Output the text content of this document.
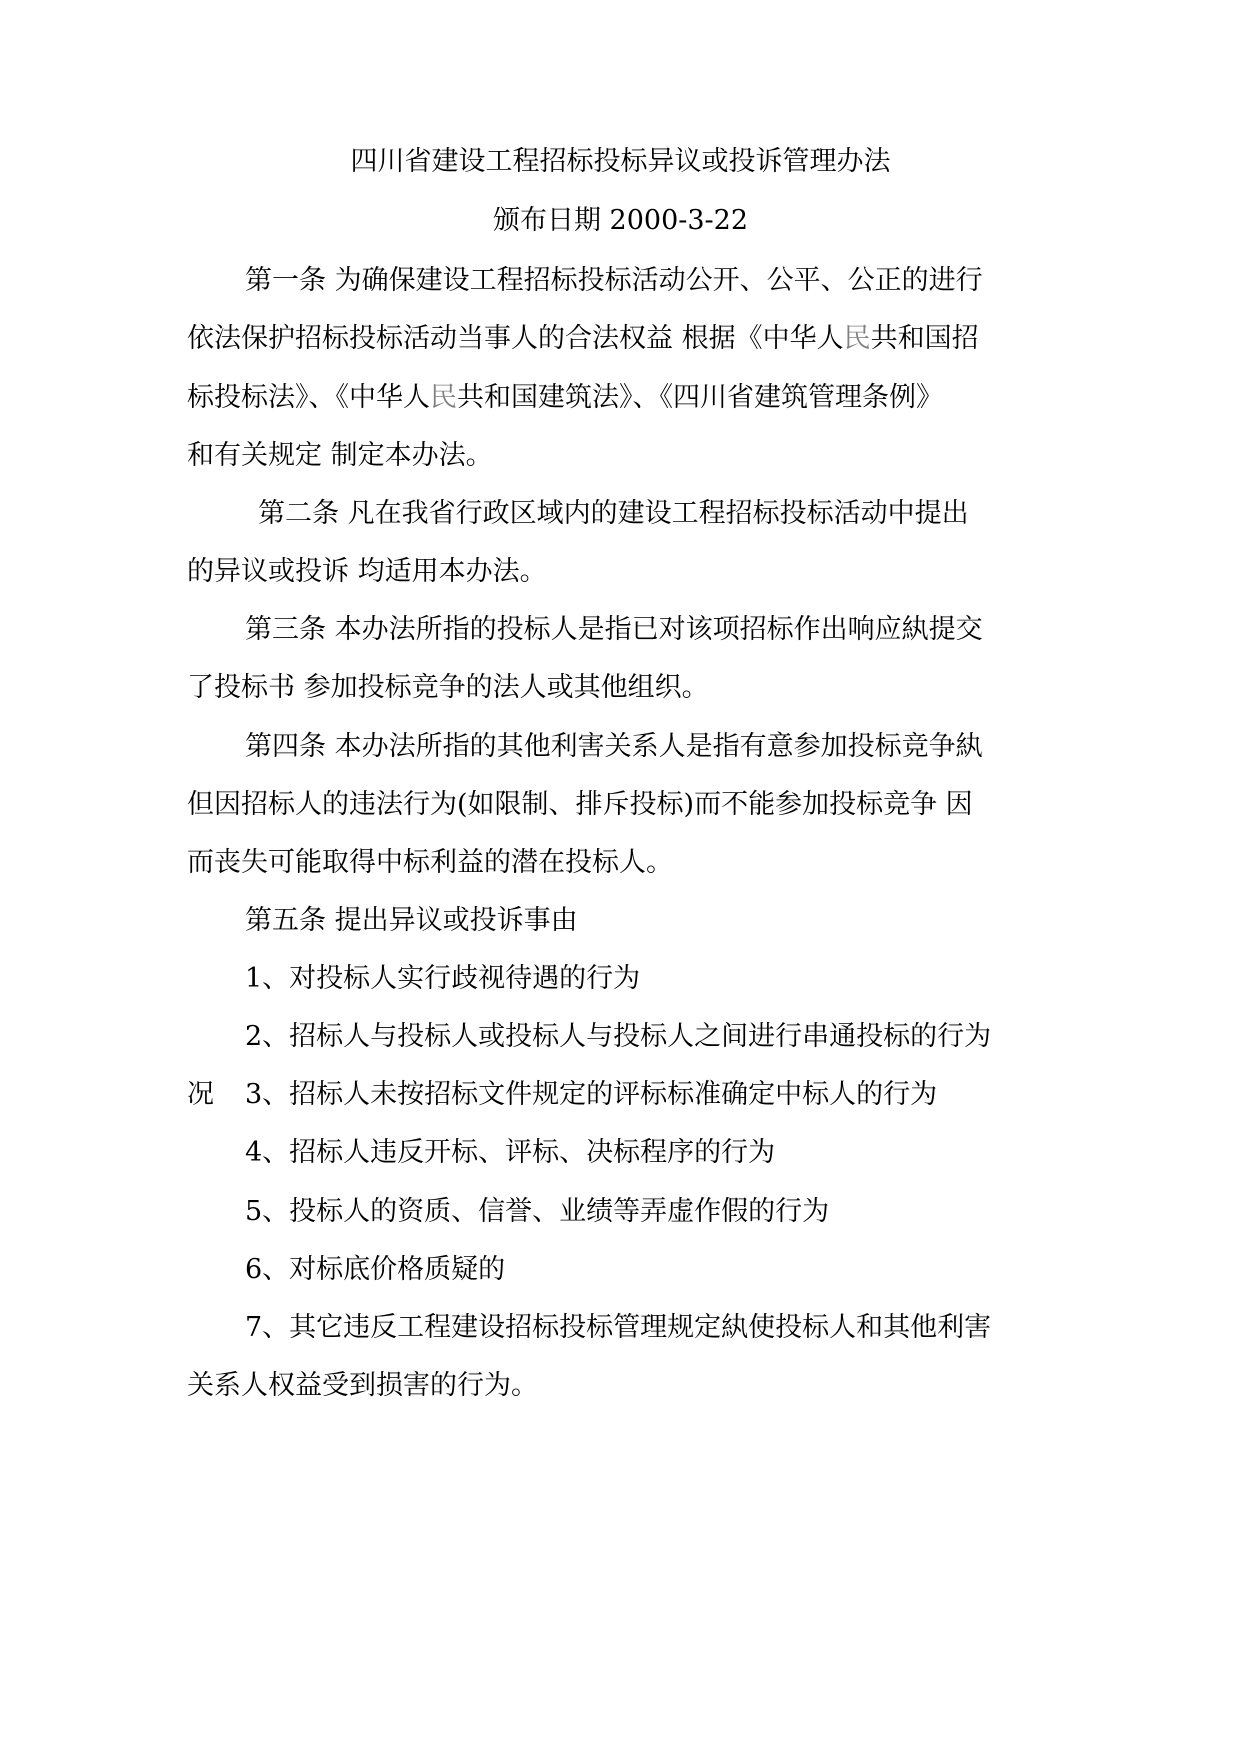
四川省建设工程招标投标异议或投诉管理办法
颁布日期 2000-3-22
第一条 为确保建设工程招标投标活动公开、公平、公正的进行
依法保护招标投标活动当事人的合法权益 根据《中华人民共和国招
标投标法》、《中华人民共和国建筑法》、《四川省建筑管理条例》
和有关规定 制定本办法。
第二条 凡在我省行政区域内的建设工程招标投标活动中提出
的异议或投诉 均适用本办法。
第三条 本办法所指的投标人是指已对该项招标作出响应紈提交
了投标书 参加投标竞争的法人或其他组织。
第四条 本办法所指的其他利害关系人是指有意参加投标竞争紈
但因招标人的违法行为(如限制、排斥投标)而不能参加投标竞争 因
而丧失可能取得中标利益的潜在投标人。
第五条 提出异议或投诉事由
1、对投标人实行歧视待遇的行为
2、招标人与投标人或投标人与投标人之间进行串通投标的行为
况	3、招标人未按招标文件规定的评标标准确定中标人的行为
4、招标人违反开标、评标、决标程序的行为
5、投标人的资质、信誉、业绩等弄虚作假的行为
6、对标底价格质疑的
7、其它违反工程建设招标投标管理规定紈使投标人和其他利害
关系人权益受到损害的行为。
